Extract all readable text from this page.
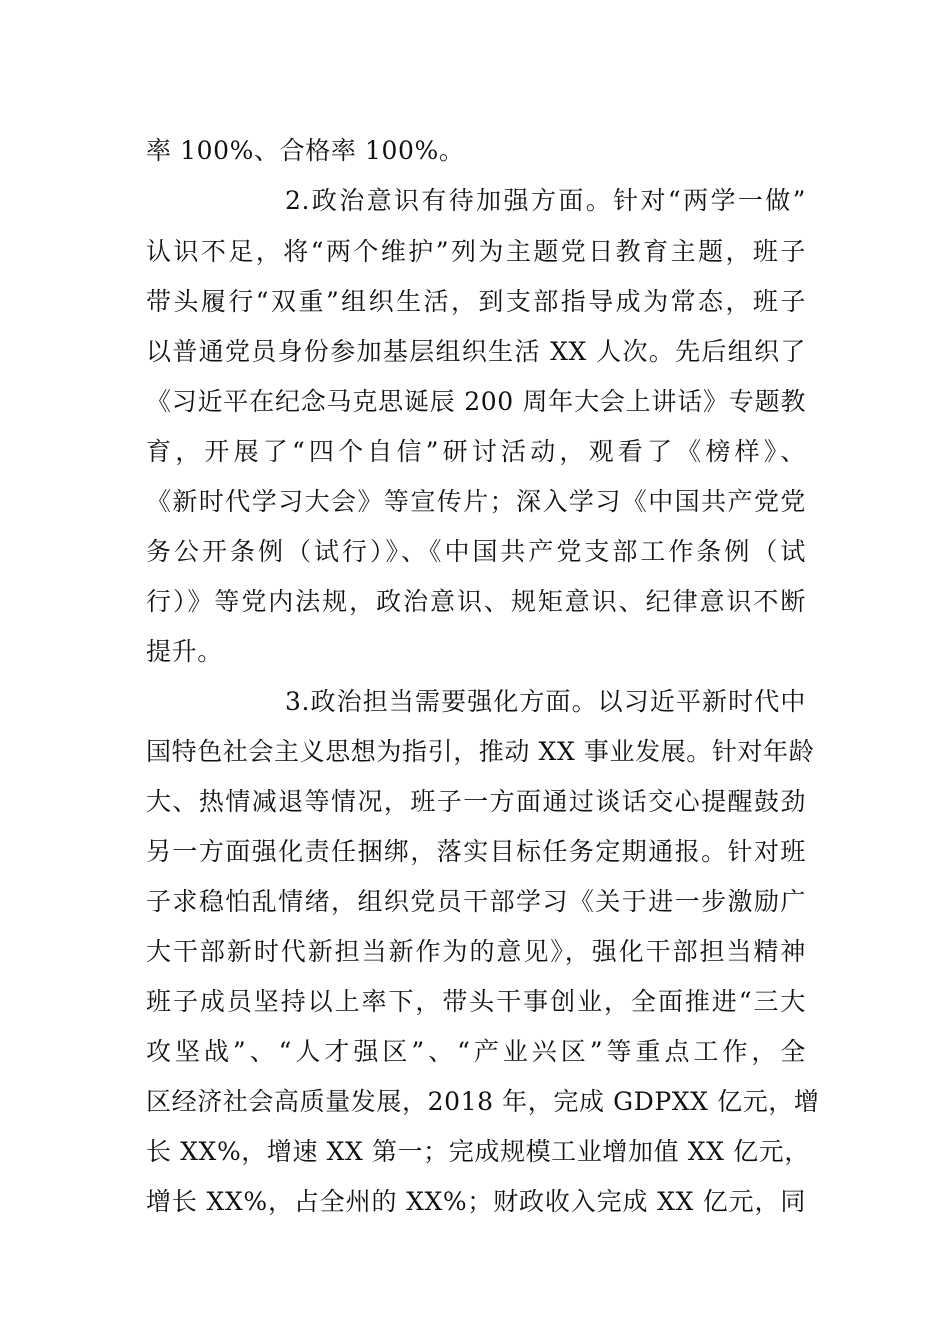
率 100%、合格率 100%。
2.政治意识有待加强方面。针对“两学一做”
认识不足，将“两个维护”列为主题党日教育主题，班子
带头履行“双重”组织生活，到支部指导成为常态，班子
以普通党员身份参加基层组织生活 XX 人次。先后组织了
《习近平在纪念马克思诞辰 200 周年大会上讲话》专题教
育，开展了“四个自信”研讨活动，观看了《榜样》、
《新时代学习大会》等宣传片；深入学习《中国共产党党
务公开条例（试行）》、《中国共产党支部工作条例（试
行）》等党内法规，政治意识、规矩意识、纪律意识不断
提升。
3.政治担当需要强化方面。以习近平新时代中
国特色社会主义思想为指引，推动 XX 事业发展。针对年龄
大、热情减退等情况，班子一方面通过谈话交心提醒鼓劲
另一方面强化责任捆绑，落实目标任务定期通报。针对班
子求稳怕乱情绪，组织党员干部学习《关于进一步激励广
大干部新时代新担当新作为的意见》，强化干部担当精神
班子成员坚持以上率下，带头干事创业，全面推进“三大
攻坚战”、“人才强区”、“产业兴区”等重点工作，全
区经济社会高质量发展，2018 年，完成 GDPXX 亿元，增
长 XX%，增速 XX 第一；完成规模工业增加值 XX 亿元，
增长 XX%，占全州的 XX%；财政收入完成 XX 亿元，同
